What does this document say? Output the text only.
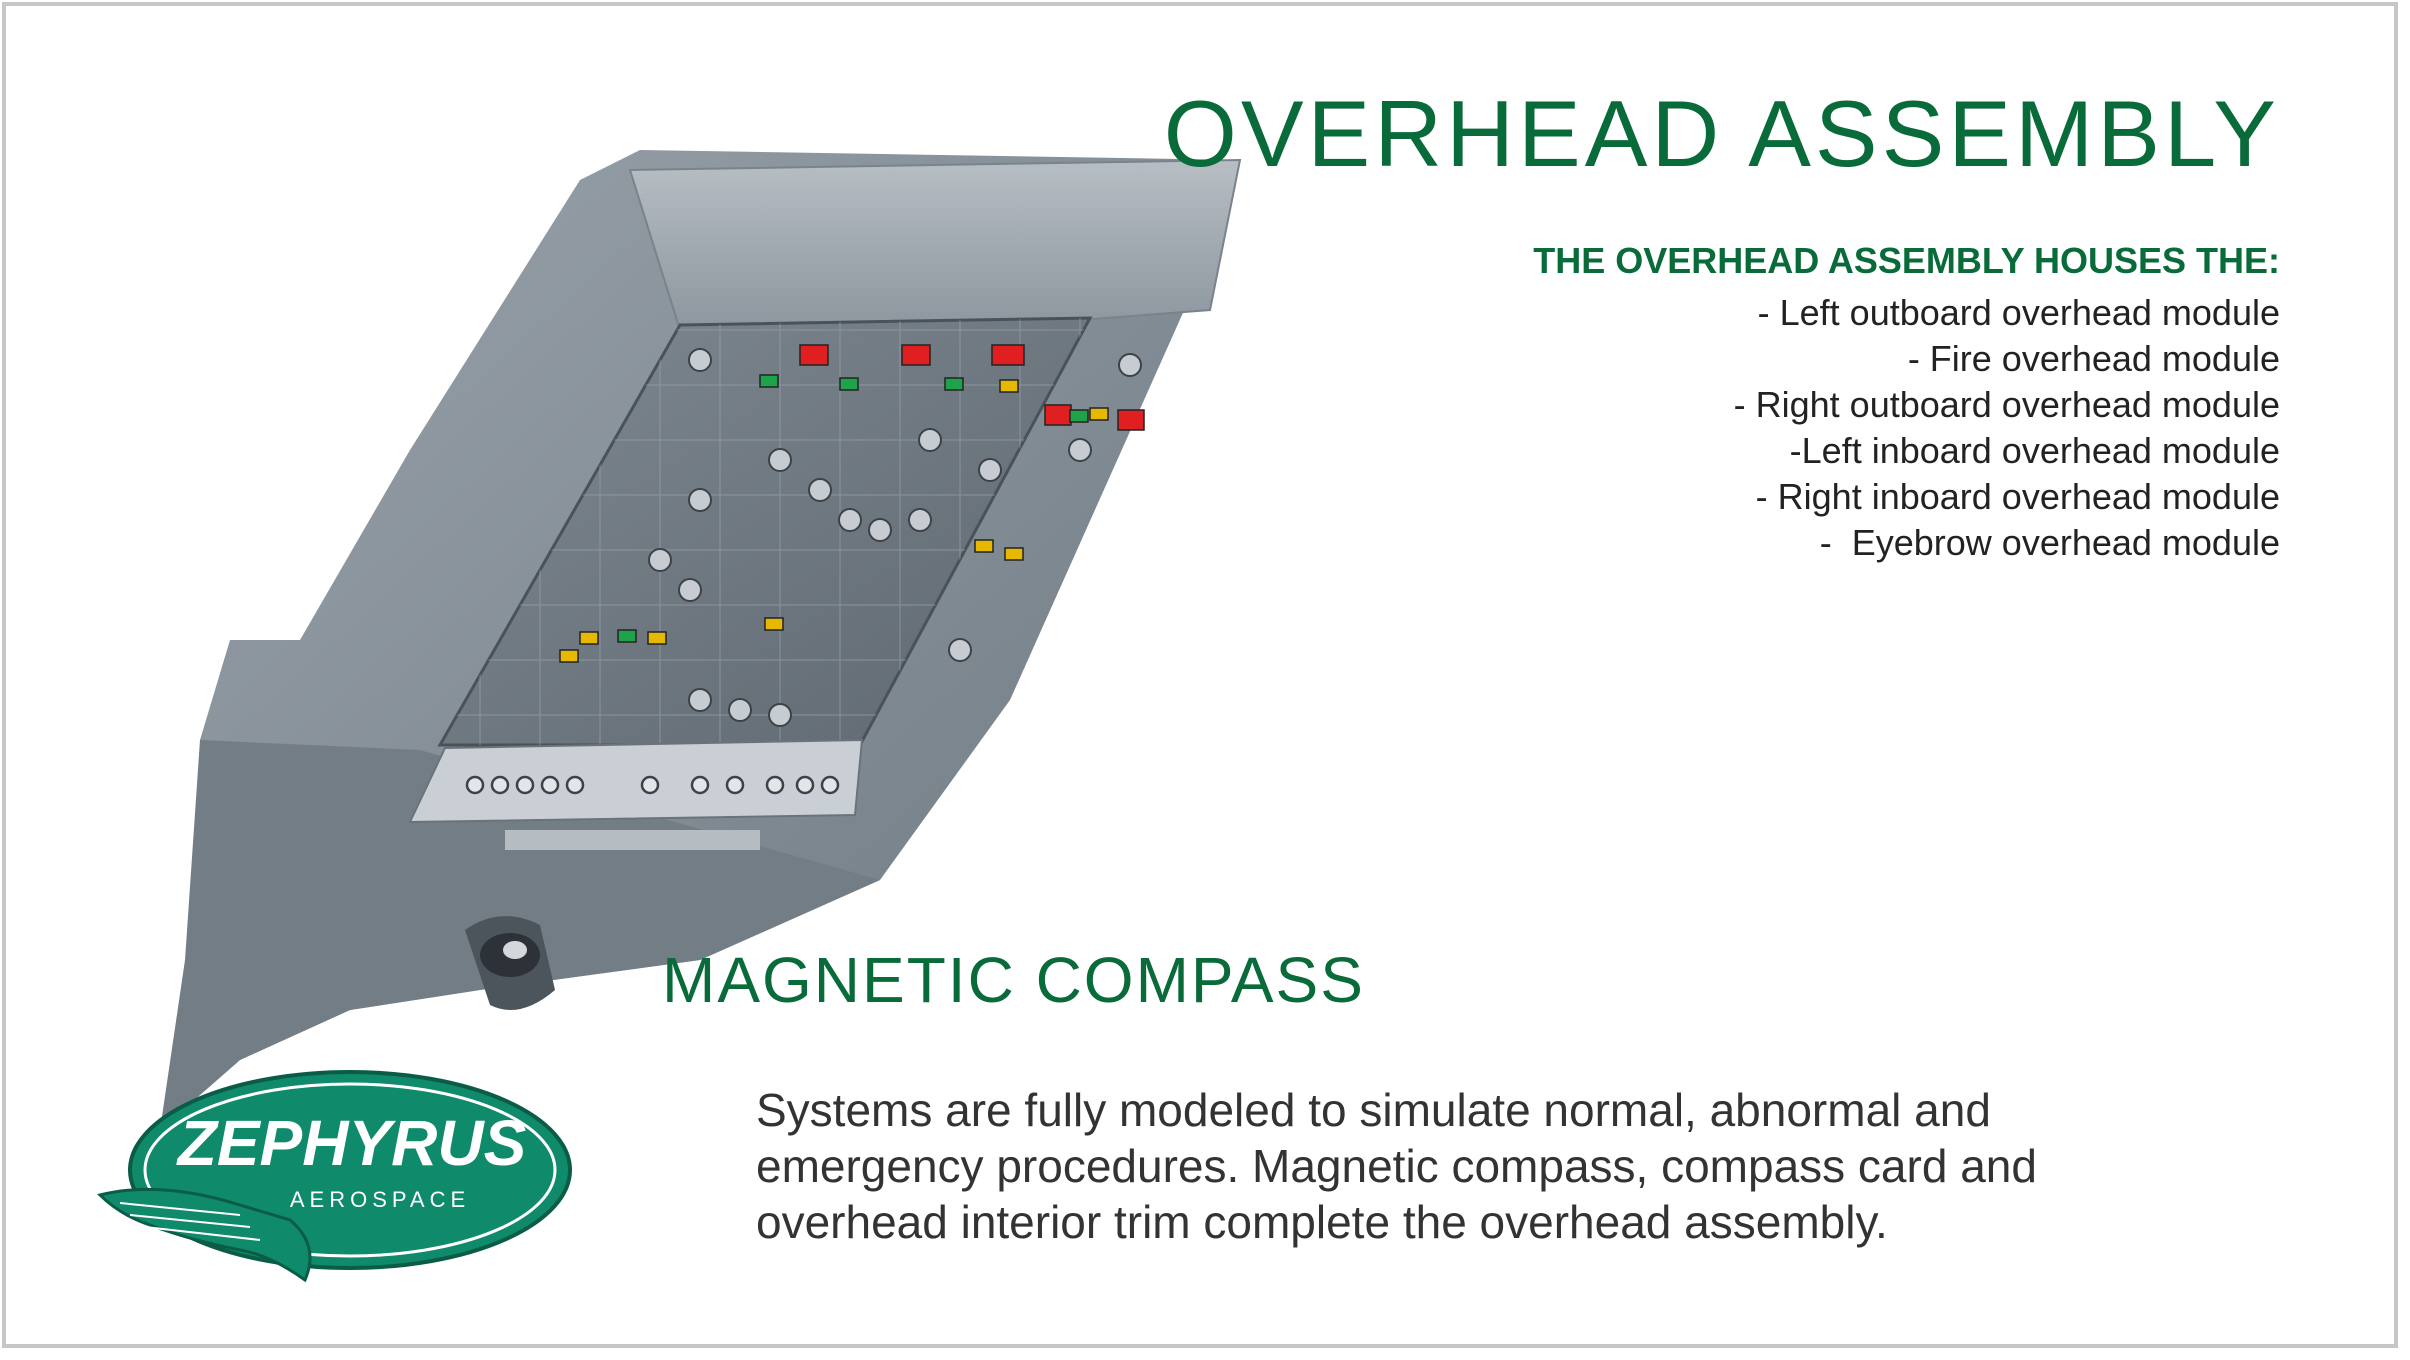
OVERHEAD ASSEMBLY
THE OVERHEAD ASSEMBLY HOUSES THE:
- Left outboard overhead module
- Fire overhead module
- Right outboard overhead module
-Left inboard overhead module
- Right inboard overhead module
-  Eyebrow overhead module
MAGNETIC COMPASS

Systems are fully modeled to simulate normal, abnormal and emergency procedures. Magnetic compass, compass card and overhead interior trim complete the overhead assembly.

ZEPHYRUS
AEROSPACE
